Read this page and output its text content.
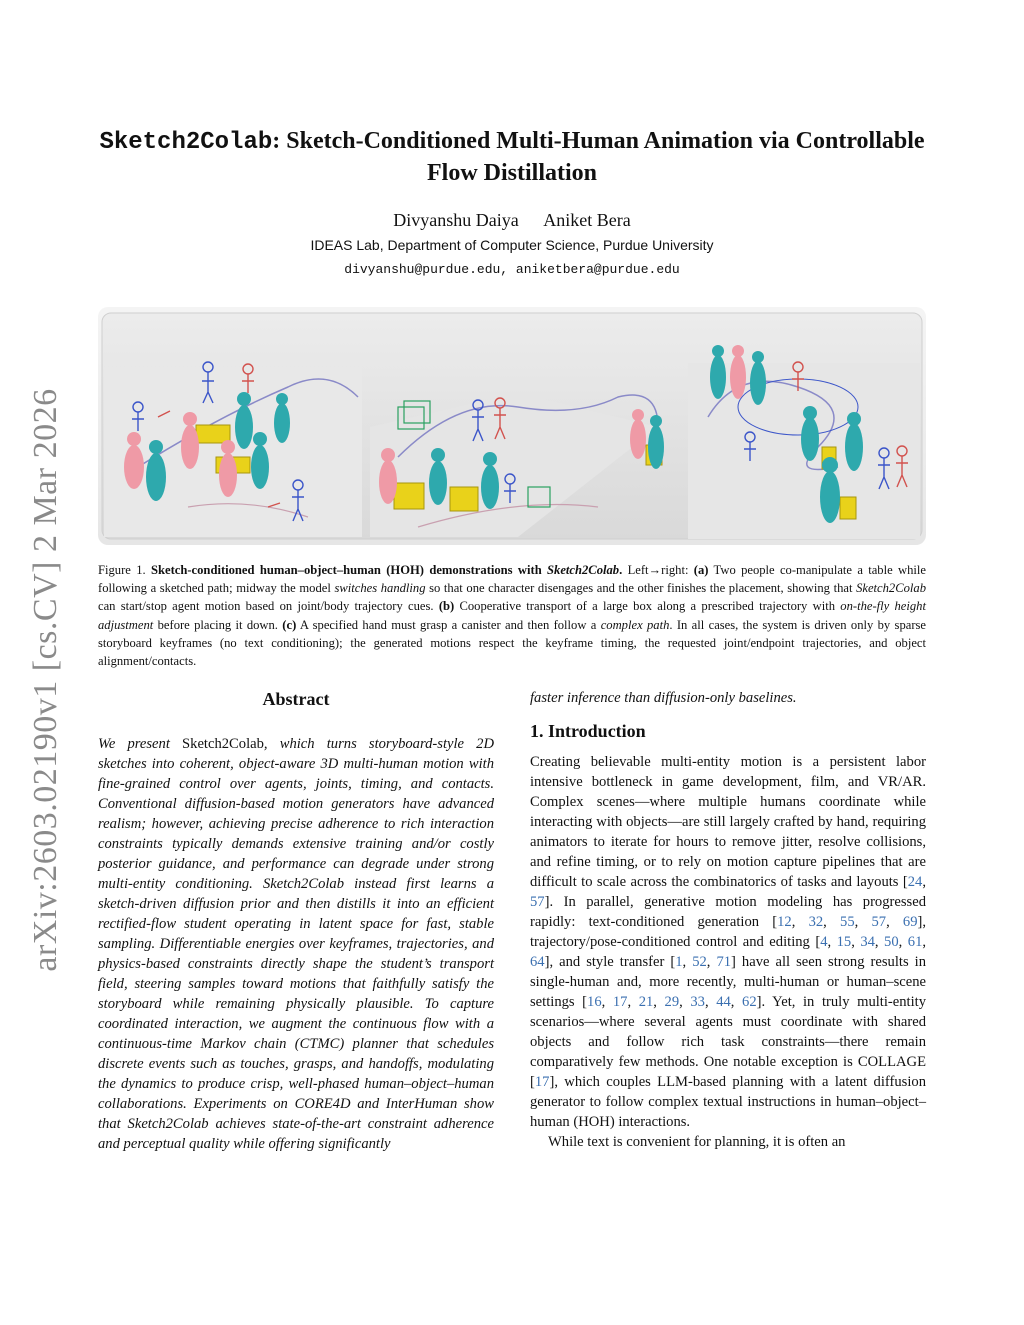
arXiv:2603.02190v1 [cs.CV] 2 Mar 2026
Sketch2Colab: Sketch-Conditioned Multi-Human Animation via Controllable Flow Distillation
Divyanshu Daiya Aniket Bera
IDEAS Lab, Department of Computer Science, Purdue University
divyanshu@purdue.edu, aniketbera@purdue.edu
Figure 1. Sketch-conditioned human–object–human (HOH) demonstrations with Sketch2Colab. Left→right: (a) Two people co-manipulate a table while following a sketched path; midway the model switches handling so that one character disengages and the other finishes the placement, showing that Sketch2Colab can start/stop agent motion based on joint/body trajectory cues. (b) Cooperative transport of a large box along a prescribed trajectory with on-the-fly height adjustment before placing it down. (c) A specified hand must grasp a canister and then follow a complex path. In all cases, the system is driven only by sparse storyboard keyframes (no text conditioning); the generated motions respect the keyframe timing, the requested joint/endpoint trajectories, and object alignment/contacts.
Abstract

We present Sketch2Colab, which turns storyboard-style 2D sketches into coherent, object-aware 3D multi-human motion with fine-grained control over agents, joints, timing, and contacts. Conventional diffusion-based motion generators have advanced realism; however, achieving precise adherence to rich interaction constraints typically demands extensive training and/or costly posterior guidance, and performance can degrade under strong multi-entity conditioning. Sketch2Colab instead first learns a sketch-driven diffusion prior and then distills it into an efficient rectified-flow student operating in latent space for fast, stable sampling. Differentiable energies over keyframes, trajectories, and physics-based constraints directly shape the student’s transport field, steering samples toward motions that faithfully satisfy the storyboard while remaining physically plausible. To capture coordinated interaction, we augment the continuous flow with a continuous-time Markov chain (CTMC) planner that schedules discrete events such as touches, grasps, and handoffs, modulating the dynamics to produce crisp, well-phased human–object–human collaborations. Experiments on CORE4D and InterHuman show that Sketch2Colab achieves state-of-the-art constraint adherence and perceptual quality while offering significantly

faster inference than diffusion-only baselines.

1. Introduction

Creating believable multi-entity motion is a persistent labor intensive bottleneck in game development, film, and VR/AR. Complex scenes—where multiple humans coordinate while interacting with objects—are still largely crafted by hand, requiring animators to iterate for hours to remove jitter, resolve collisions, and refine timing, or to rely on motion capture pipelines that are difficult to scale across the combinatorics of tasks and layouts [24, 57]. In parallel, generative motion modeling has progressed rapidly: text-conditioned generation [12, 32, 55, 57, 69], trajectory/pose-conditioned control and editing [4, 15, 34, 50, 61, 64], and style transfer [1, 52, 71] have all seen strong results in single-human and, more recently, multi-human or human–scene settings [16, 17, 21, 29, 33, 44, 62]. Yet, in truly multi-entity scenarios—where several agents must coordinate with shared objects and follow rich task constraints—there remain comparatively few methods. One notable exception is COLLAGE [17], which couples LLM-based planning with a latent diffusion generator to follow complex textual instructions in human–object–human (HOH) interactions.

While text is convenient for planning, it is often an
